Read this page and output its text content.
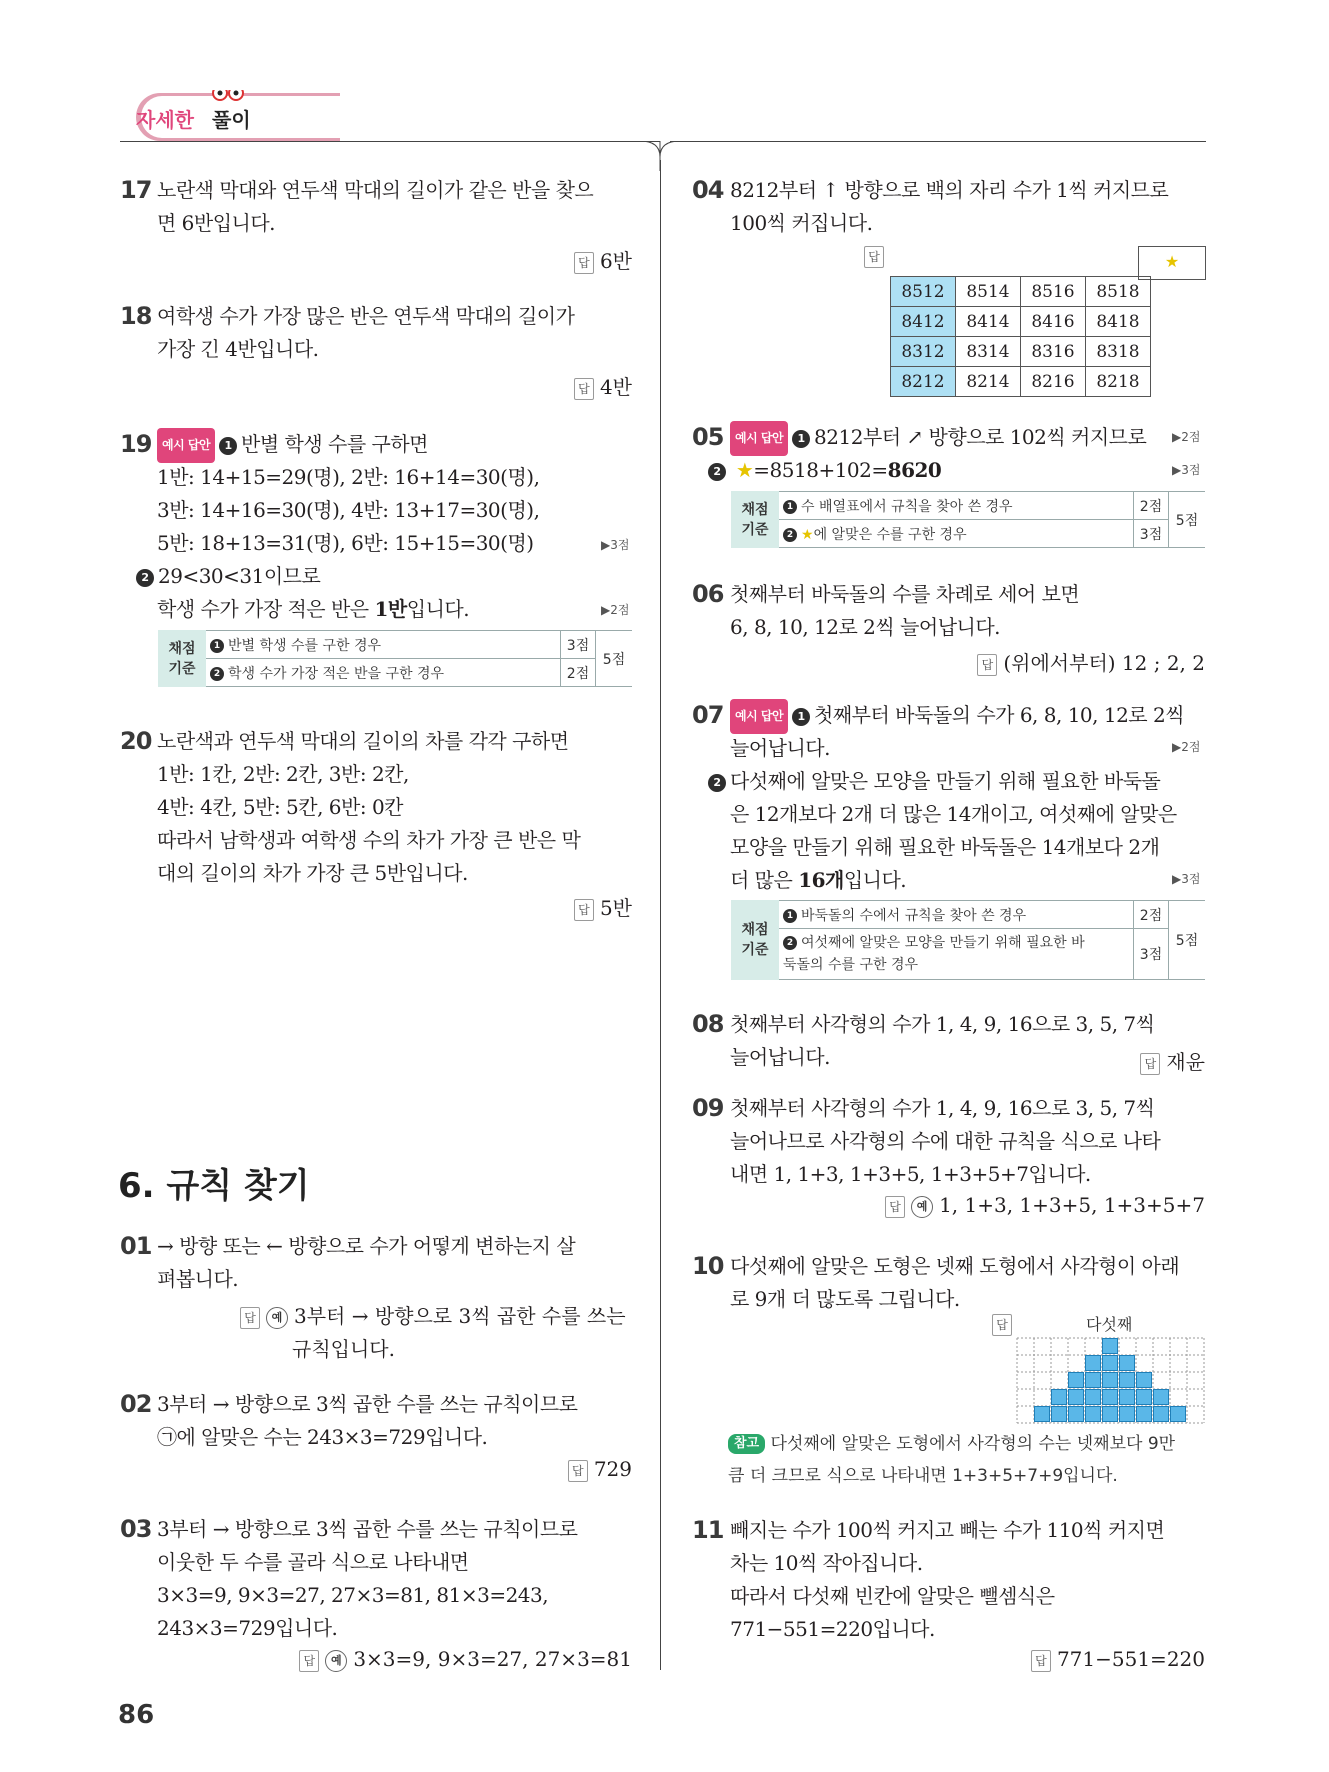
자세한 풀이
17 노란색 막대와 연두색 막대의 길이가 같은 반을 찾으
면 6반입니다.
답 6반
18 여학생 수가 가장 많은 반은 연두색 막대의 길이가
가장 긴 4반입니다.
답 4반
19 예시 답안 1 반별 학생 수를 구하면
1반: 14+15=29(명), 2반: 16+14=30(명),
3반: 14+16=30(명), 4반: 13+17=30(명),
5반: 18+13=31(명), 6반: 15+15=30(명)	▶3점
2 29<30<31이므로
학생 수가 가장 적은 반은 1반입니다.	▶2점
채점 기준	1 반별 학생 수를 구한 경우	3점	5점
	2 학생 수가 가장 적은 반을 구한 경우	2점	
20 노란색과 연두색 막대의 길이의 차를 각각 구하면
1반: 1칸, 2반: 2칸, 3반: 2칸,
4반: 4칸, 5반: 5칸, 6반: 0칸
따라서 남학생과 여학생 수의 차가 가장 큰 반은 막
대의 길이의 차가 가장 큰 5반입니다.
답 5반
6. 규칙 찾기
01 → 방향 또는 ← 방향으로 수가 어떻게 변하는지 살
펴봅니다.
답 예 3부터 → 방향으로 3씩 곱한 수를 쓰는
규칙입니다.
02 3부터 → 방향으로 3씩 곱한 수를 쓰는 규칙이므로
㉠에 알맞은 수는 243×3=729입니다.
답 729
03 3부터 → 방향으로 3씩 곱한 수를 쓰는 규칙이므로
이웃한 두 수를 골라 식으로 나타내면
3×3=9, 9×3=27, 27×3=81, 81×3=243,
243×3=729입니다.
답 예 3×3=9, 9×3=27, 27×3=81
86
04 8212부터 ↑ 방향으로 백의 자리 수가 1씩 커지므로
100씩 커집니다.
답	★
8512	8514	8516	8518
8412	8414	8416	8418
8312	8314	8316	8318
8212	8214	8216	8218
05 예시 답안 1 8212부터 ↗ 방향으로 102씩 커지므로 ▶2점
2 ★=8518+102=8620	▶3점
채점 기준	1 수 배열표에서 규칙을 찾아 쓴 경우	2점	5점
	2 ★에 알맞은 수를 구한 경우	3점	
06 첫째부터 바둑돌의 수를 차례로 세어 보면
6, 8, 10, 12로 2씩 늘어납니다.
답 (위에서부터) 12 ; 2, 2
07 예시 답안 1 첫째부터 바둑돌의 수가 6, 8, 10, 12로 2씩
늘어납니다.	▶2점
2 다섯째에 알맞은 모양을 만들기 위해 필요한 바둑돌
은 12개보다 2개 더 많은 14개이고, 여섯째에 알맞은
모양을 만들기 위해 필요한 바둑돌은 14개보다 2개
더 많은 16개입니다.	▶3점
채점 기준	1 바둑돌의 수에서 규칙을 찾아 쓴 경우	2점	5점
	2 여섯째에 알맞은 모양을 만들기 위해 필요한 바
둑돌의 수를 구한 경우	3점	
08 첫째부터 사각형의 수가 1, 4, 9, 16으로 3, 5, 7씩
늘어납니다.	답 재윤
09 첫째부터 사각형의 수가 1, 4, 9, 16으로 3, 5, 7씩
늘어나므로 사각형의 수에 대한 규칙을 식으로 나타
내면 1, 1+3, 1+3+5, 1+3+5+7입니다.
답 예 1, 1+3, 1+3+5, 1+3+5+7
10 다섯째에 알맞은 도형은 넷째 도형에서 사각형이 아래
로 9개 더 많도록 그립니다.
답	다섯째
참고 다섯째에 알맞은 도형에서 사각형의 수는 넷째보다 9만
큼 더 크므로 식으로 나타내면 1+3+5+7+9입니다.
11 빼지는 수가 100씩 커지고 빼는 수가 110씩 커지면
차는 10씩 작아집니다.
따라서 다섯째 빈칸에 알맞은 뺄셈식은
771−551=220입니다.
답 771−551=220
